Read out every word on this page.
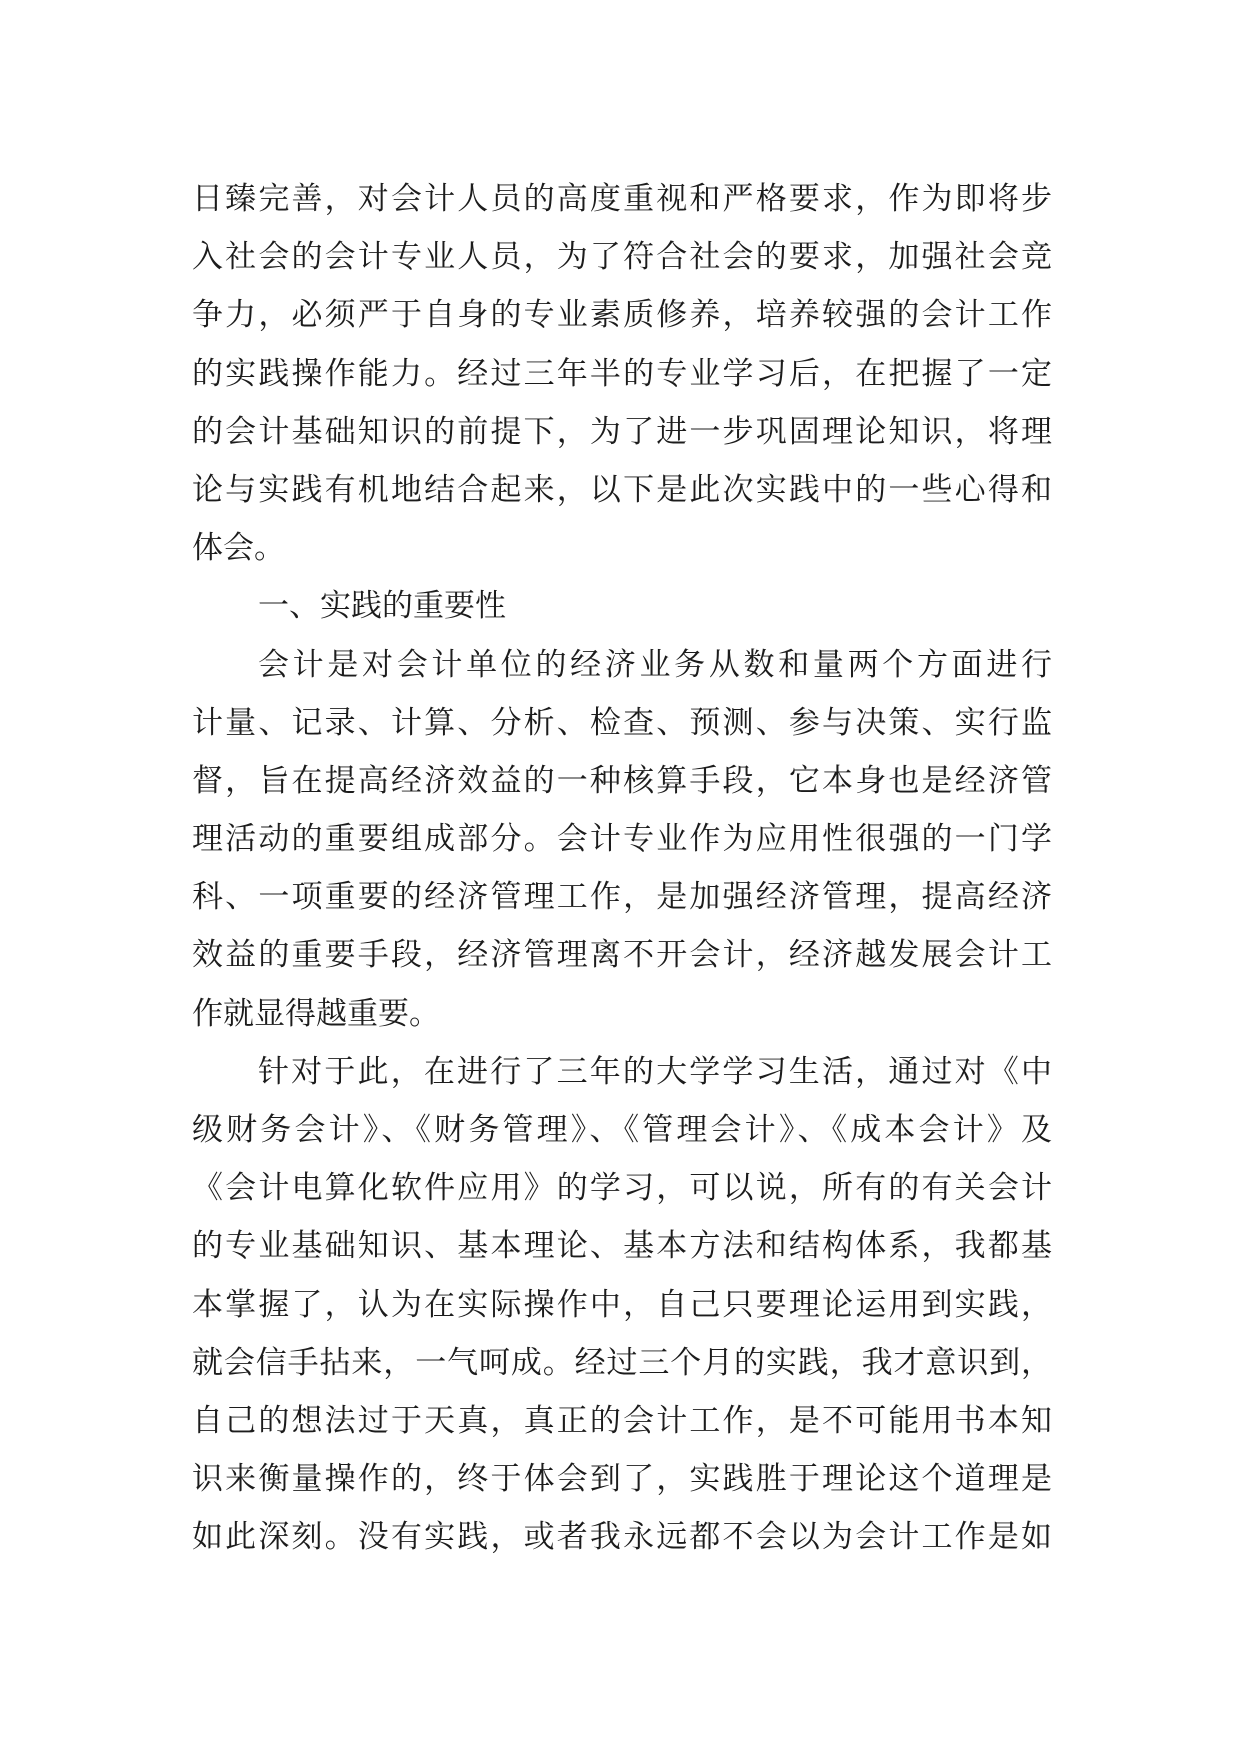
日臻完善，对会计人员的高度重视和严格要求，作为即将步
入社会的会计专业人员，为了符合社会的要求，加强社会竞
争力，必须严于自身的专业素质修养，培养较强的会计工作
的实践操作能力。经过三年半的专业学习后，在把握了一定
的会计基础知识的前提下，为了进一步巩固理论知识，将理
论与实践有机地结合起来，以下是此次实践中的一些心得和
体会。
一、实践的重要性
会计是对会计单位的经济业务从数和量两个方面进行
计量、记录、计算、分析、检查、预测、参与决策、实行监
督，旨在提高经济效益的一种核算手段，它本身也是经济管
理活动的重要组成部分。会计专业作为应用性很强的一门学
科、一项重要的经济管理工作，是加强经济管理，提高经济
效益的重要手段，经济管理离不开会计，经济越发展会计工
作就显得越重要。
针对于此，在进行了三年的大学学习生活，通过对《中
级财务会计》、《财务管理》、《管理会计》、《成本会计》及
《会计电算化软件应用》的学习，可以说，所有的有关会计
的专业基础知识、基本理论、基本方法和结构体系，我都基
本掌握了，认为在实际操作中，自己只要理论运用到实践，
就会信手拈来，一气呵成。经过三个月的实践，我才意识到，
自己的想法过于天真，真正的会计工作，是不可能用书本知
识来衡量操作的，终于体会到了，实践胜于理论这个道理是
如此深刻。没有实践，或者我永远都不会以为会计工作是如
